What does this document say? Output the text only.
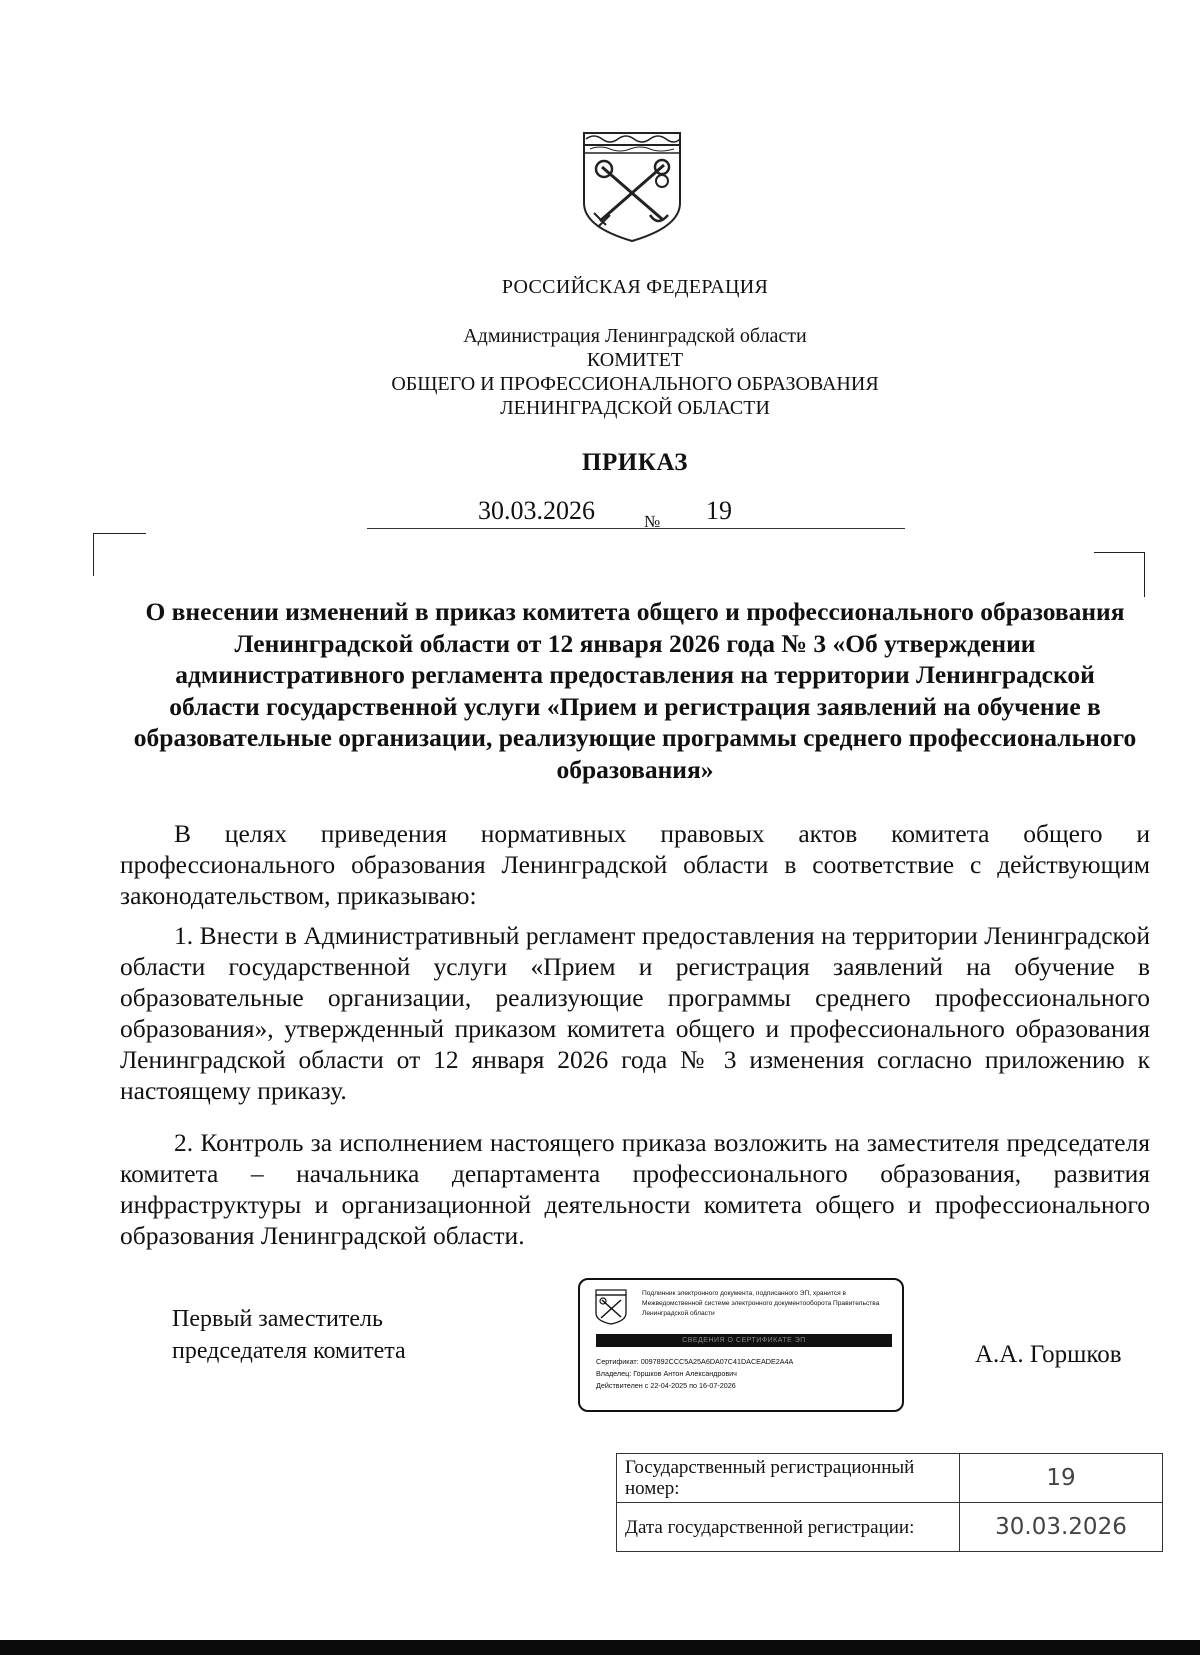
РОССИЙСКАЯ ФЕДЕРАЦИЯ
Администрация Ленинградской области
КОМИТЕТ
ОБЩЕГО И ПРОФЕССИОНАЛЬНОГО ОБРАЗОВАНИЯ
ЛЕНИНГРАДСКОЙ ОБЛАСТИ
ПРИКАЗ
30.03.2026	№ 19
О внесении изменений в приказ комитета общего и профессионального образования Ленинградской области от 12 января 2026 года № 3 «Об утверждении административного регламента предоставления на территории Ленинградской области государственной услуги «Прием и регистрация заявлений на обучение в образовательные организации, реализующие программы среднего профессионального образования»
В целях приведения нормативных правовых актов комитета общего и профессионального образования Ленинградской области в соответствие с действующим законодательством, приказываю:
1. Внести в Административный регламент предоставления на территории Ленинградской области государственной услуги «Прием и регистрация заявлений на обучение в образовательные организации, реализующие программы среднего профессионального образования», утвержденный приказом комитета общего и профессионального образования Ленинградской области от 12 января 2026 года № 3 изменения согласно приложению к настоящему приказу.
2. Контроль за исполнением настоящего приказа возложить на заместителя председателя комитета – начальника департамента профессионального образования, развития инфраструктуры и организационной деятельности комитета общего и профессионального образования Ленинградской области.
Первый заместитель
председателя комитета
Подлинник электронного документа, подписанного ЭП, хранится в Межведомственной системе электронного документооборота Правительства Ленинградской области
СВЕДЕНИЯ О СЕРТИФИКАТЕ ЭП
Сертификат: 0097892CCC5A25A6DA07C41DACEADE2A4A
Владелец: Горшков Антон Александрович
Действителен с 22-04-2025 по 16-07-2026
А.А. Горшков
Государственный регистрационный номер:	19
Дата государственной регистрации:	30.03.2026
